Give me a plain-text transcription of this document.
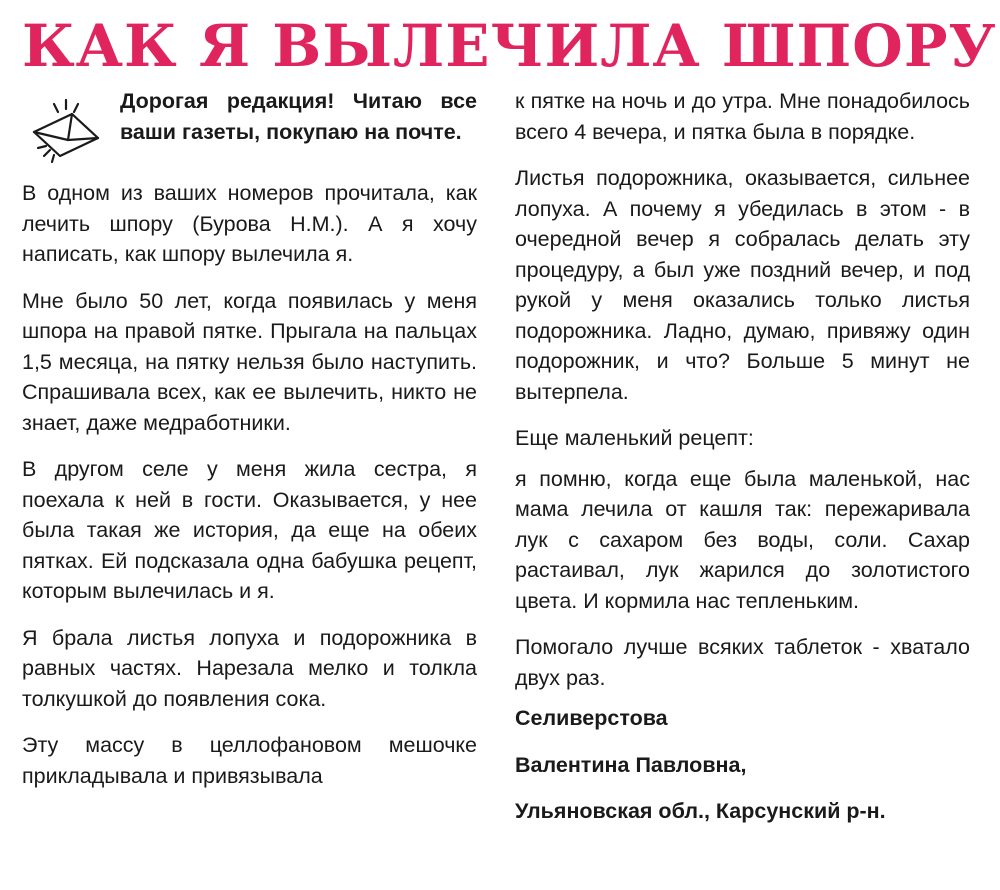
КАК Я ВЫЛЕЧИЛА ШПОРУ

Дорогая редакция! Читаю все ваши газеты, покупаю на почте.

В одном из ваших номеров прочитала, как лечить шпору (Бурова Н.М.). А я хочу написать, как шпору вылечила я.

Мне было 50 лет, когда появилась у меня шпора на правой пятке. Прыгала на пальцах 1,5 месяца, на пятку нельзя было наступить. Спрашивала всех, как ее вылечить, никто не знает, даже медработники.

В другом селе у меня жила сестра, я поехала к ней в гости. Оказывается, у нее была такая же история, да еще на обеих пятках. Ей подсказала одна бабушка рецепт, которым вылечилась и я.

Я брала листья лопуха и подорожника в равных частях. Нарезала мелко и толкла толкушкой до появления сока.

Эту массу в целлофановом мешочке прикладывала и привязывала

к пятке на ночь и до утра. Мне понадобилось всего 4 вечера, и пятка была в порядке.

Листья подорожника, оказывается, сильнее лопуха. А почему я убедилась в этом - в очередной вечер я собралась делать эту процедуру, а был уже поздний вечер, и под рукой у меня оказались только листья подорожника. Ладно, думаю, привяжу один подорожник, и что? Больше 5 минут не вытерпела.

Еще маленький рецепт:

я помню, когда еще была маленькой, нас мама лечила от кашля так: пережаривала лук с сахаром без воды, соли. Сахар растаивал, лук жарился до золотистого цвета. И кормила нас тепленьким.

Помогало лучше всяких таблеток - хватало двух раз.

Селиверстова

Валентина Павловна,

Ульяновская обл., Карсунский р-н.
